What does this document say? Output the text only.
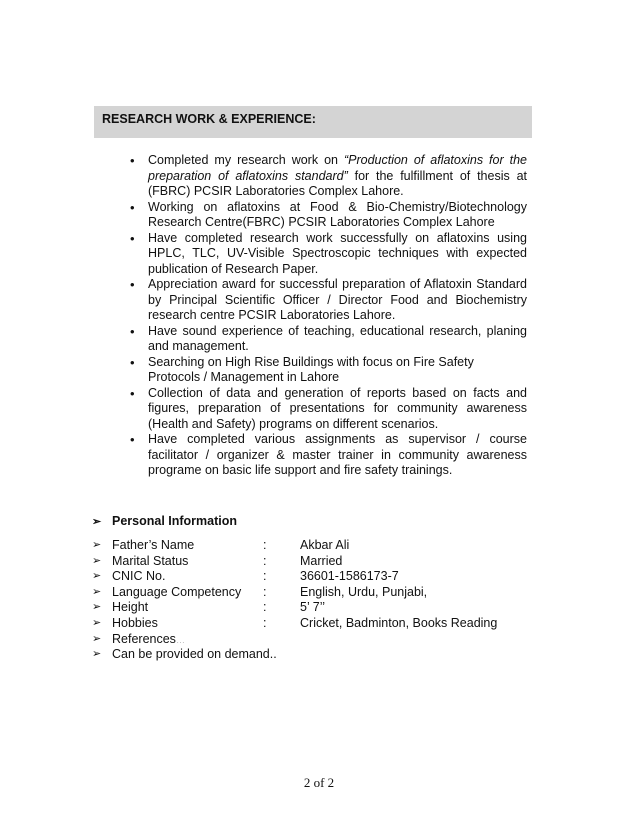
RESEARCH WORK & EXPERIENCE:
• Completed my research work on “Production of aflatoxins for the preparation of aflatoxins standard” for the fulfillment of thesis at (FBRC) PCSIR Laboratories Complex Lahore.
• Working on aflatoxins at Food & Bio-Chemistry/Biotechnology Research Centre(FBRC) PCSIR Laboratories Complex Lahore
• Have completed research work successfully on aflatoxins using HPLC, TLC, UV-Visible Spectroscopic techniques with expected publication of Research Paper.
• Appreciation award for successful preparation of Aflatoxin Standard by Principal Scientific Officer / Director Food and Biochemistry research centre PCSIR Laboratories Lahore.
• Have sound experience of teaching, educational research, planing and management.
• Searching on High Rise Buildings with focus on Fire Safety Protocols / Management in Lahore
• Collection of data and generation of reports based on facts and figures, preparation of presentations for community awareness (Health and Safety) programs on different scenarios.
• Have completed various assignments as supervisor / course facilitator / organizer & master trainer in community awareness programe on basic life support and fire safety trainings.
➢ Personal Information
➢ Father’s Name	:	Akbar Ali
➢ Marital Status	:	Married
➢ CNIC No.	:	36601-1586173-7
➢ Language Competency :	English, Urdu, Punjabi,
➢ Height	:	5’ 7’’
➢ Hobbies	:	Cricket, Badminton, Books Reading
➢ References…
➢ Can be provided on demand..
2 of 2
